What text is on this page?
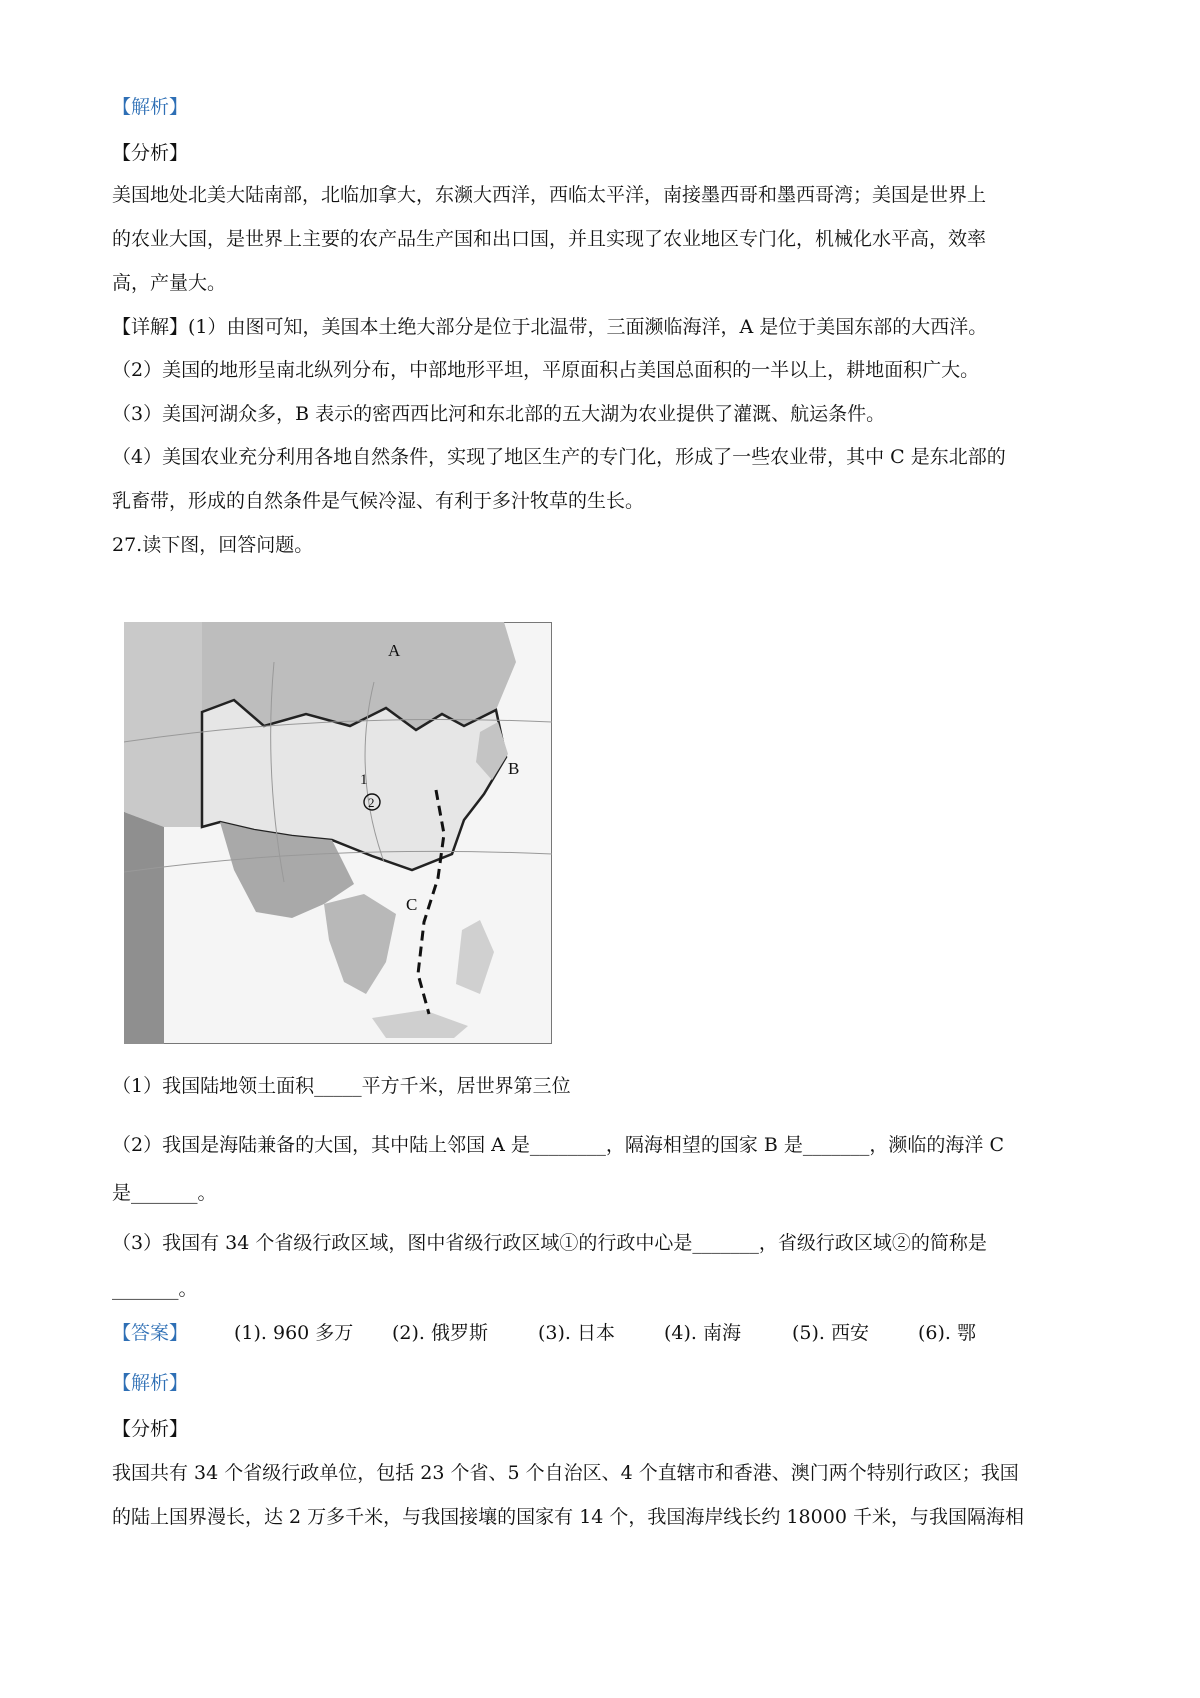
【解析】
【分析】
美国地处北美大陆南部，北临加拿大，东濒大西洋，西临太平洋，南接墨西哥和墨西哥湾；美国是世界上
的农业大国，是世界上主要的农产品生产国和出口国，并且实现了农业地区专门化，机械化水平高，效率
高，产量大。
【详解】(1）由图可知，美国本土绝大部分是位于北温带，三面濒临海洋，A 是位于美国东部的大西洋。
（2）美国的地形呈南北纵列分布，中部地形平坦，平原面积占美国总面积的一半以上，耕地面积广大。
（3）美国河湖众多，B 表示的密西西比河和东北部的五大湖为农业提供了灌溉、航运条件。
（4）美国农业充分利用各地自然条件，实现了地区生产的专门化，形成了一些农业带，其中 C 是东北部的
乳畜带，形成的自然条件是气候冷湿、有利于多汁牧草的生长。
27.读下图，回答问题。
A
B
C
1
2
（1）我国陆地领土面积_____平方千米，居世界第三位
（2）我国是海陆兼备的大国，其中陆上邻国 A 是________，隔海相望的国家 B 是_______，濒临的海洋 C
是_______。
（3）我国有 34 个省级行政区域，图中省级行政区域①的行政中心是_______，省级行政区域②的简称是
_______。
【答案】 (1). 960 多万 (2). 俄罗斯	(3). 日本	(4). 南海	(5). 西安	(6). 鄂
【解析】
【分析】
我国共有 34 个省级行政单位，包括 23 个省、5 个自治区、4 个直辖市和香港、澳门两个特别行政区；我国
的陆上国界漫长，达 2 万多千米，与我国接壤的国家有 14 个，我国海岸线长约 18000 千米，与我国隔海相
